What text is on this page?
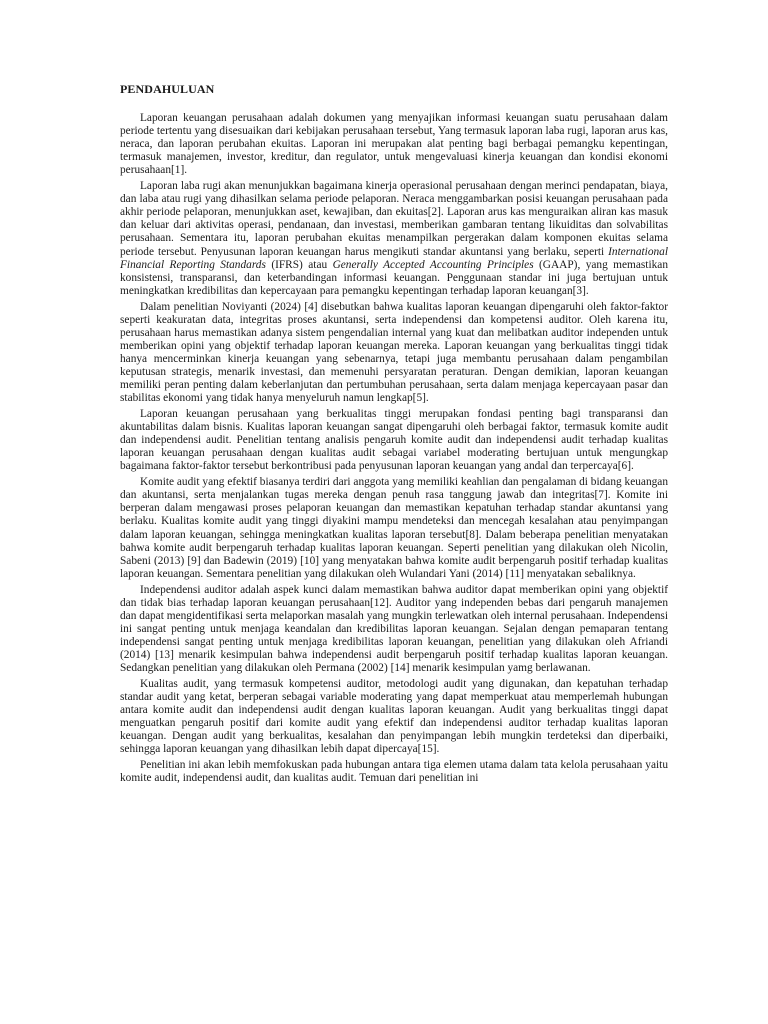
PENDAHULUAN

Laporan keuangan perusahaan adalah dokumen yang menyajikan informasi keuangan suatu perusahaan dalam periode tertentu yang disesuaikan dari kebijakan perusahaan tersebut, Yang termasuk laporan laba rugi, laporan arus kas, neraca, dan laporan perubahan ekuitas. Laporan ini merupakan alat penting bagi berbagai pemangku kepentingan, termasuk manajemen, investor, kreditur, dan regulator, untuk mengevaluasi kinerja keuangan dan kondisi ekonomi perusahaan[1].

Laporan laba rugi akan menunjukkan bagaimana kinerja operasional perusahaan dengan merinci pendapatan, biaya, dan laba atau rugi yang dihasilkan selama periode pelaporan. Neraca menggambarkan posisi keuangan perusahaan pada akhir periode pelaporan, menunjukkan aset, kewajiban, dan ekuitas[2]. Laporan arus kas menguraikan aliran kas masuk dan keluar dari aktivitas operasi, pendanaan, dan investasi, memberikan gambaran tentang likuiditas dan solvabilitas perusahaan. Sementara itu, laporan perubahan ekuitas menampilkan pergerakan dalam komponen ekuitas selama periode tersebut. Penyusunan laporan keuangan harus mengikuti standar akuntansi yang berlaku, seperti International Financial Reporting Standards (IFRS) atau Generally Accepted Accounting Principles (GAAP), yang memastikan konsistensi, transparansi, dan keterbandingan informasi keuangan. Penggunaan standar ini juga bertujuan untuk meningkatkan kredibilitas dan kepercayaan para pemangku kepentingan terhadap laporan keuangan[3].

Dalam penelitian Noviyanti (2024) [4] disebutkan bahwa kualitas laporan keuangan dipengaruhi oleh faktor-faktor seperti keakuratan data, integritas proses akuntansi, serta independensi dan kompetensi auditor. Oleh karena itu, perusahaan harus memastikan adanya sistem pengendalian internal yang kuat dan melibatkan auditor independen untuk memberikan opini yang objektif terhadap laporan keuangan mereka. Laporan keuangan yang berkualitas tinggi tidak hanya mencerminkan kinerja keuangan yang sebenarnya, tetapi juga membantu perusahaan dalam pengambilan keputusan strategis, menarik investasi, dan memenuhi persyaratan peraturan. Dengan demikian, laporan keuangan memiliki peran penting dalam keberlanjutan dan pertumbuhan perusahaan, serta dalam menjaga kepercayaan pasar dan stabilitas ekonomi yang tidak hanya menyeluruh namun lengkap[5].

Laporan keuangan perusahaan yang berkualitas tinggi merupakan fondasi penting bagi transparansi dan akuntabilitas dalam bisnis. Kualitas laporan keuangan sangat dipengaruhi oleh berbagai faktor, termasuk komite audit dan independensi audit. Penelitian tentang analisis pengaruh komite audit dan independensi audit terhadap kualitas laporan keuangan perusahaan dengan kualitas audit sebagai variabel moderating bertujuan untuk mengungkap bagaimana faktor-faktor tersebut berkontribusi pada penyusunan laporan keuangan yang andal dan terpercaya[6].

Komite audit yang efektif biasanya terdiri dari anggota yang memiliki keahlian dan pengalaman di bidang keuangan dan akuntansi, serta menjalankan tugas mereka dengan penuh rasa tanggung jawab dan integritas[7]. Komite ini berperan dalam mengawasi proses pelaporan keuangan dan memastikan kepatuhan terhadap standar akuntansi yang berlaku. Kualitas komite audit yang tinggi diyakini mampu mendeteksi dan mencegah kesalahan atau penyimpangan dalam laporan keuangan, sehingga meningkatkan kualitas laporan tersebut[8]. Dalam beberapa penelitian menyatakan bahwa komite audit berpengaruh terhadap kualitas laporan keuangan. Seperti penelitian yang dilakukan oleh Nicolin, Sabeni (2013) [9] dan Badewin (2019) [10] yang menyatakan bahwa komite audit berpengaruh positif terhadap kualitas laporan keuangan. Sementara penelitian yang dilakukan oleh Wulandari Yani (2014) [11] menyatakan sebaliknya.

Independensi auditor adalah aspek kunci dalam memastikan bahwa auditor dapat memberikan opini yang objektif dan tidak bias terhadap laporan keuangan perusahaan[12]. Auditor yang independen bebas dari pengaruh manajemen dan dapat mengidentifikasi serta melaporkan masalah yang mungkin terlewatkan oleh internal perusahaan. Independensi ini sangat penting untuk menjaga keandalan dan kredibilitas laporan keuangan. Sejalan dengan pemaparan tentang independensi sangat penting untuk menjaga kredibilitas laporan keuangan, penelitian yang dilakukan oleh Afriandi (2014) [13] menarik kesimpulan bahwa independensi audit berpengaruh positif terhadap kualitas laporan keuangan. Sedangkan penelitian yang dilakukan oleh Permana (2002) [14] menarik kesimpulan yamg berlawanan.

Kualitas audit, yang termasuk kompetensi auditor, metodologi audit yang digunakan, dan kepatuhan terhadap standar audit yang ketat, berperan sebagai variable moderating yang dapat memperkuat atau memperlemah hubungan antara komite audit dan independensi audit dengan kualitas laporan keuangan. Audit yang berkualitas tinggi dapat menguatkan pengaruh positif dari komite audit yang efektif dan independensi auditor terhadap kualitas laporan keuangan. Dengan audit yang berkualitas, kesalahan dan penyimpangan lebih mungkin terdeteksi dan diperbaiki, sehingga laporan keuangan yang dihasilkan lebih dapat dipercaya[15].

Penelitian ini akan lebih memfokuskan pada hubungan antara tiga elemen utama dalam tata kelola perusahaan yaitu komite audit, independensi audit, dan kualitas audit. Temuan dari penelitian ini
